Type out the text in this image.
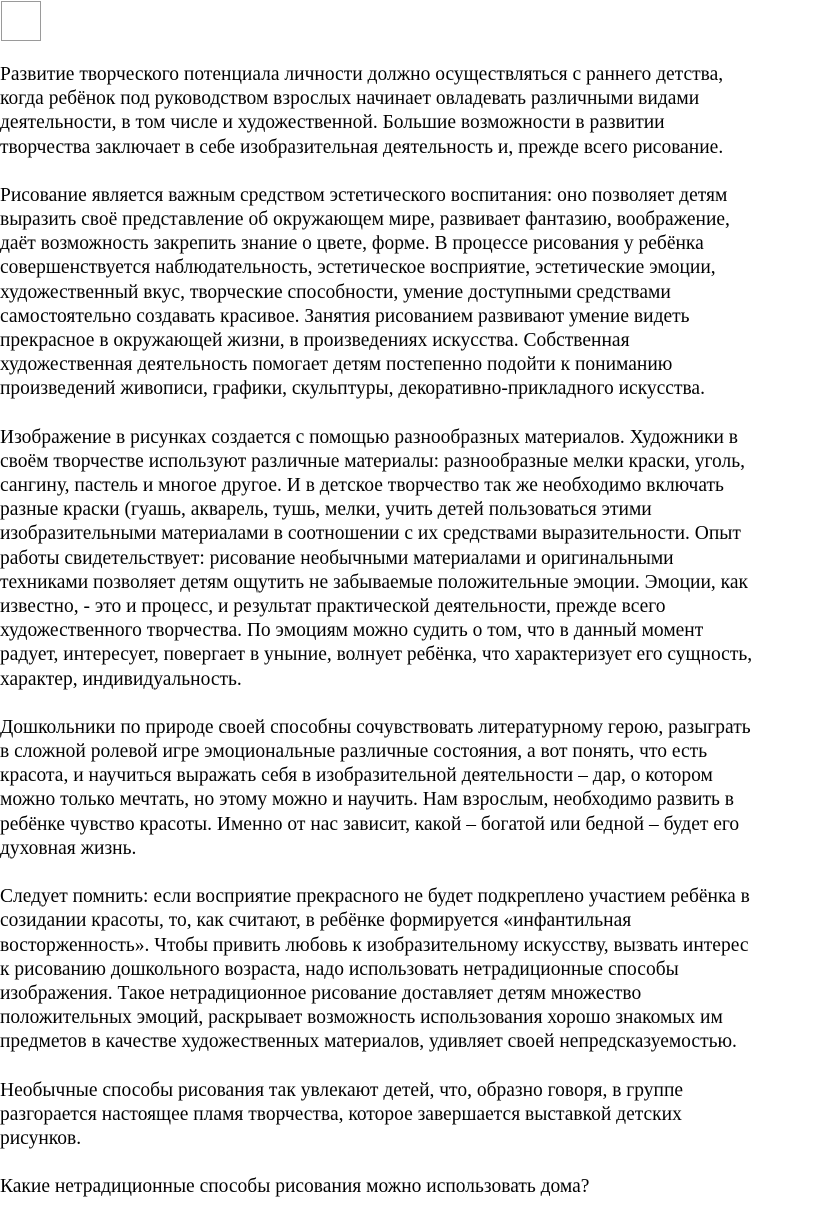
Развитие творческого потенциала личности должно осуществляться с раннего детства,
когда ребёнок под руководством взрослых начинает овладевать различными видами
деятельности, в том числе и художественной. Большие возможности в развитии
творчества заключает в себе изобразительная деятельность и, прежде всего рисование.

Рисование является важным средством эстетического воспитания: оно позволяет детям
выразить своё представление об окружающем мире, развивает фантазию, воображение,
даёт возможность закрепить знание о цвете, форме. В процессе рисования у ребёнка
совершенствуется наблюдательность, эстетическое восприятие, эстетические эмоции,
художественный вкус, творческие способности, умение доступными средствами
самостоятельно создавать красивое. Занятия рисованием развивают умение видеть
прекрасное в окружающей жизни, в произведениях искусства. Собственная
художественная деятельность помогает детям постепенно подойти к пониманию
произведений живописи, графики, скульптуры, декоративно-прикладного искусства.

Изображение в рисунках создается с помощью разнообразных материалов. Художники в
своём творчестве используют различные материалы: разнообразные мелки краски, уголь,
сангину, пастель и многое другое. И в детское творчество так же необходимо включать
разные краски (гуашь, акварель, тушь, мелки, учить детей пользоваться этими
изобразительными материалами в соотношении с их средствами выразительности. Опыт
работы свидетельствует: рисование необычными материалами и оригинальными
техниками позволяет детям ощутить не забываемые положительные эмоции. Эмоции, как
известно, - это и процесс, и результат практической деятельности, прежде всего
художественного творчества. По эмоциям можно судить о том, что в данный момент
радует, интересует, повергает в уныние, волнует ребёнка, что характеризует его сущность,
характер, индивидуальность.

Дошкольники по природе своей способны сочувствовать литературному герою, разыграть
в сложной ролевой игре эмоциональные различные состояния, а вот понять, что есть
красота, и научиться выражать себя в изобразительной деятельности – дар, о котором
можно только мечтать, но этому можно и научить. Нам взрослым, необходимо развить в
ребёнке чувство красоты. Именно от нас зависит, какой – богатой или бедной – будет его
духовная жизнь.

Следует помнить: если восприятие прекрасного не будет подкреплено участием ребёнка в
созидании красоты, то, как считают, в ребёнке формируется «инфантильная
восторженность». Чтобы привить любовь к изобразительному искусству, вызвать интерес
к рисованию дошкольного возраста, надо использовать нетрадиционные способы
изображения. Такое нетрадиционное рисование доставляет детям множество
положительных эмоций, раскрывает возможность использования хорошо знакомых им
предметов в качестве художественных материалов, удивляет своей непредсказуемостью.

Необычные способы рисования так увлекают детей, что, образно говоря, в группе
разгорается настоящее пламя творчества, которое завершается выставкой детских
рисунков.

Какие нетрадиционные способы рисования можно использовать дома?
